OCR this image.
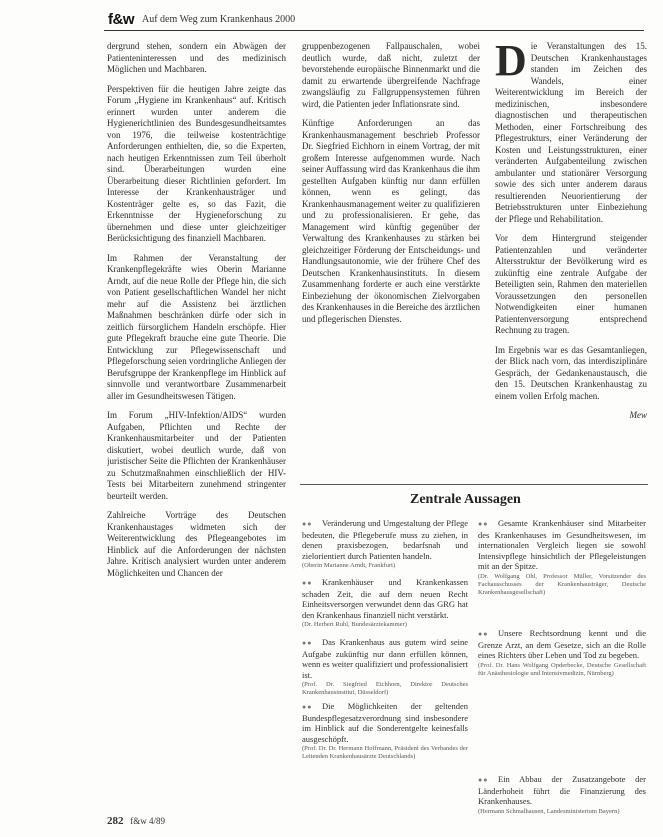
f&w Auf dem Weg zum Krankenhaus 2000

dergrund stehen, sondern ein Abwägen der Patienteninteressen und des medizinisch Möglichen und Machbaren.

Perspektiven für die heutigen Jahre zeigte das Forum „Hygiene im Krankenhaus“ auf. Kritisch erinnert wurden unter anderem die Hygienerichtlinien des Bundesgesundheitsamtes von 1976, die teilweise kostenträchtige Anforderungen enthielten, die, so die Experten, nach heutigen Erkenntnissen zum Teil überholt sind. Überarbeitungen wurden eine Überarbeitung dieser Richtlinien gefordert. Im Interesse der Krankenhausträger und Kostenträger gelte es, so das Fazit, die Erkenntnisse der Hygieneforschung zu übernehmen und diese unter gleichzeitiger Berücksichtigung des finanziell Machbaren.

Im Rahmen der Veranstaltung der Krankenpflegekräfte wies Oberin Marianne Arndt, auf die neue Rolle der Pflege hin, die sich von Patient gesellschaftlichen Wandel her nicht mehr auf die Assistenz bei ärztlichen Maßnahmen beschränken dürfe oder sich in zeitlich fürsorglichem Handeln erschöpfe. Hier gute Pflegekraft brauche eine gute Theorie. Die Entwicklung zur Pflegewissenschaft und Pflegeforschung seien vordringliche Anliegen der Berufsgruppe der Krankenpflege im Hinblick auf sinnvolle und verantwortbare Zusammenarbeit aller im Gesundheitswesen Tätigen.

Im Forum „HIV-Infektion/AIDS“ wurden Aufgaben, Pflichten und Rechte der Krankenhausmitarbeiter und der Patienten diskutiert, wobei deutlich wurde, daß von juristischer Seite die Pflichten der Krankenhäuser zu Schutzmaßnahmen einschließlich der HIV-Tests bei Mitarbeitern zunehmend stringenter beurteilt werden.

Zahlreiche Vorträge des Deutschen Krankenhaustages widmeten sich der Weiterentwicklung des Pflegeangebotes im Hinblick auf die Anforderungen der nächsten Jahre. Kritisch analysiert wurden unter anderem Möglichkeiten und Chancen der

gruppenbezogenen Fallpauschalen, wobei deutlich wurde, daß nicht, zuletzt der bevorstehende europäische Binnenmarkt und die damit zu erwartende übergreifende Nachfrage zwangsläufig zu Fallgruppensystemen führen wird, die Patienten jeder Inflationsrate sind.

Künftige Anforderungen an das Krankenhausmanagement beschrieb Professor Dr. Siegfried Eichhorn in einem Vortrag, der mit großem Interesse aufgenommen wurde. Nach seiner Auffassung wird das Krankenhaus die ihm gestellten Aufgaben künftig nur dann erfüllen können, wenn es gelingt, das Krankenhausmanagement weiter zu qualifizieren und zu professionalisieren. Er gehe, das Management wird künftig gegenüber der Verwaltung des Krankenhauses zu stärken bei gleichzeitiger Förderung der Entscheidungs- und Handlungsautonomie, wie der frühere Chef des Deutschen Krankenhausinstituts. In diesem Zusammenhang forderte er auch eine verstärkte Einbeziehung der ökonomischen Zielvorgaben des Krankenhauses in die Bereiche des ärztlichen und pflegerischen Dienstes.

Die Veranstaltungen des 15. Deutschen Krankenhaustages standen im Zeichen des Wandels, einer Weiterentwicklung im Bereich der medizinischen, insbesondere diagnostischen und therapeutischen Methoden, einer Fortschreibung des Pflegestrukturs, einer Veränderung der Kosten und Leistungsstrukturen, einer veränderten Aufgabenteilung zwischen ambulanter und stationärer Versorgung sowie des sich unter anderem daraus resultierenden Neuorientierung der Betriebsstrukturen unter Einbeziehung der Pflege und Rehabilitation.

Vor dem Hintergrund steigender Patientenzahlen und veränderter Altersstruktur der Bevölkerung wird es zukünftig eine zentrale Aufgabe der Beteiligten sein, Rahmen den materiellen Voraussetzungen den personellen Notwendigkeiten einer humanen Patientenversorgung entsprechend Rechnung zu tragen.

Im Ergebnis war es das Gesamtanliegen, der Blick nach vorn, das interdisziplinäre Gespräch, der Gedankenaustausch, die den 15. Deutschen Krankenhaustag zu einem vollen Erfolg machen.

Mew
Zentrale Aussagen
●● Veränderung und Umgestaltung der Pflege bedeuten, die Pflegeberufe muss zu ziehen, in denen praxisbezogen, bedarfsnah und zielorientiert durch Patienten handeln.
(Oberin Marianne Arndt, Frankfurt)
●● Krankenhäuser und Krankenkassen schaden Zeit, die auf dem neuen Recht Einheitsversorgen verwundet denn das GRG hat den Krankenhaus finanziell nicht verstärkt.
(Dr. Herbert Ruhl, Bundesärztekammer)
●● Das Krankenhaus aus gutem wird seine Aufgabe zukünftig nur dann erfüllen können, wenn es weiter qualifiziert und professionalisiert ist.
(Prof. Dr. Siegfried Eichhorn, Direktor Deutsches Krankenhausinstitut, Düsseldorf)
●● Die Möglichkeiten der geltenden Bundespflegesatzverordnung sind insbesondere im Hinblick auf die Sonderentgelte keinesfalls ausgeschöpft.
(Prof. Dr. Dr. Hermann Hoffmann, Präsident des Verbandes der Leitenden Krankenhausärzte Deutschlands)
●● Gesamte Krankenhäuser sind Mitarbeiter des Krankenhauses im Gesundheitswesen, im internationalen Vergleich liegen sie sowohl Intensivpflege hinsichtlich der Pflegeleistungen mit an der Spitze.
(Dr. Wolfgang Ohl, Professor Müller, Vorsitzender des Fachausschusses der Krankenhausträger, Deutsche Krankenhausgesellschaft)
●● Unsere Rechtsordnung kennt und die Grenze Arzt, an dem Gesetze, sich an die Rolle eines Richters über Leben und Tod zu begeben.
(Prof. Dr. Hans Wolfgang Opderbecke, Deutsche Gesellschaft für Anästhesiologie und Intensivmedizin, Nürnberg)
●● Ein Abbau der Zusatzangebote der Länderhoheit führt die Finanzierung des Krankenhauses.
(Hermann Schmalhausen, Landesministerium Bayern)
282 f&w 4/89
